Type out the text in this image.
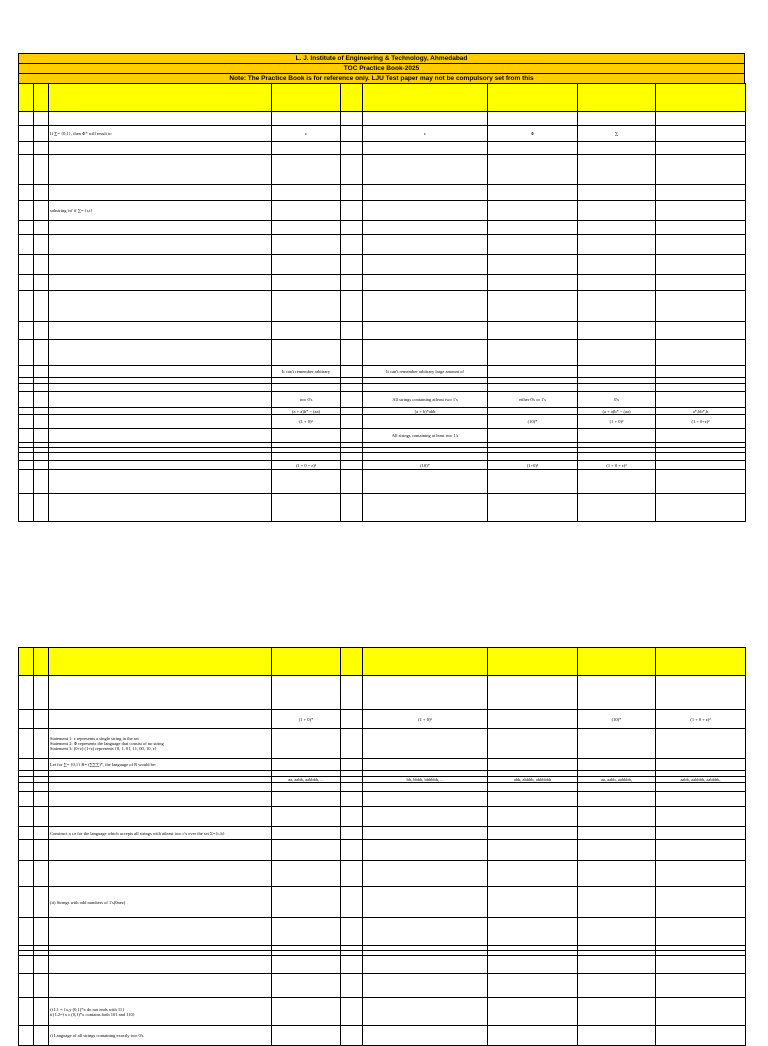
L. J. Institute of Engineering & Technology, Ahmedabad
TOC Practice Book-2025
Note: The Practice Book is for reference only. LJU Test paper may not be compulsory set from this

		If ∑= {0,1}, then Φ* will result to	ε		ε	Φ	∑	

		substring 'ni' if ∑= {r,t}						

			It can't remember arbitrary		It can't remember arbitrary large amount of			

			two 0's		All strings containing atleast two 1's	either 0's or 1's	0's	
			(a + a)b* − (aa)		(a + b)*abb		(a + a)b* − (aa)	a*,bb*,b
			(1 + 0)²			(10)*	(1 + 0)²	(1 + 0+ε)²
					All strings containing at least two 1's			

			(1 + 0 + ε)²		(10)*	(1+0)²	(1 + 0 + ε)²	

			(1 + 0)*		(1 + 0)²		(10)*	(1 + 0 + ε)²

		Statement 1: ε represents a single string in the set
Statement 2: Φ represents the language that consist of no string
Statement 3: (0+ε) (1+ε) represents {0, 1, 01, 11, 00, 10, ε}						

		Let for ∑= {0,1} R= (∑∑∑)*, the language of R would be:						

			aa, aabb, aabbbb, ...		bb, bbbb, bbbbbb, ...	abb, abbbb, abbbbbb	aa, aabb, aabbbb,	aabb, aabbbb, aabbbb,

		Construct a r.e for the language which accepts all strings with atleast two c's over the set Σ={c,b}						

		(ii) Strings with odd numbers of 1's(0nez)						

		i) L1 = {x,y (0,1)*x do not ends with 11}
ii) L2={x ε (0,1)*x contains both 101 and 110}						

		i) Language of all strings containing exactly two 0's.						
